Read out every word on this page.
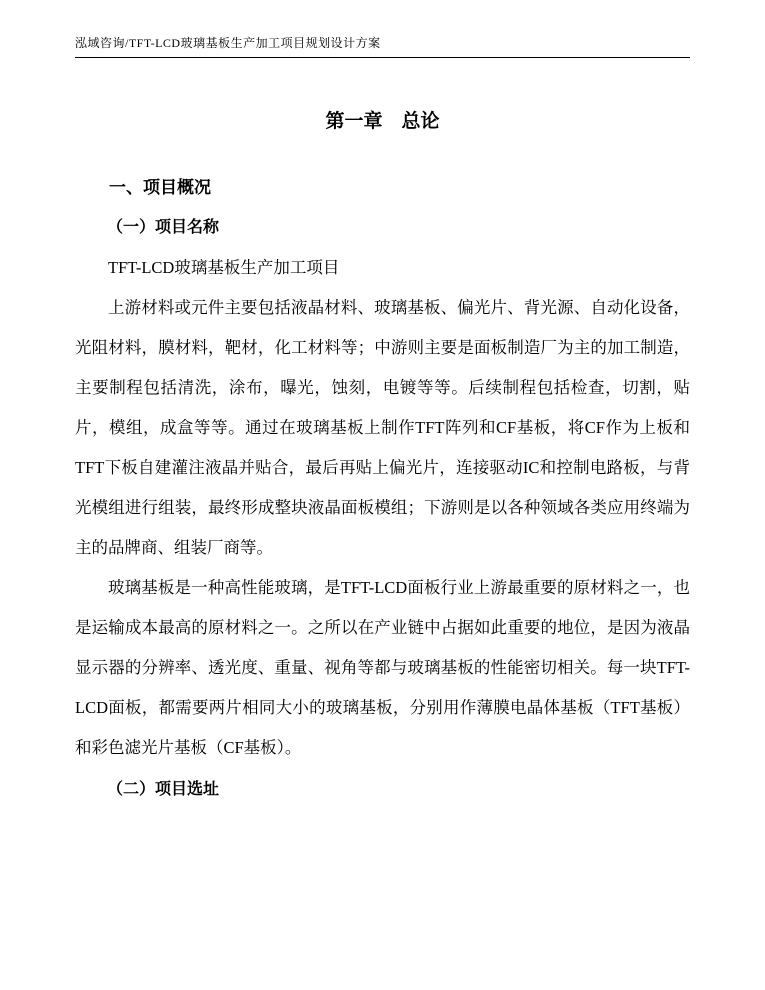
泓域咨询/TFT-LCD玻璃基板生产加工项目规划设计方案
第一章　总论
一、项目概况
（一）项目名称

TFT-LCD玻璃基板生产加工项目

上游材料或元件主要包括液晶材料、玻璃基板、偏光片、背光源、自动化设备，光阻材料，膜材料，靶材，化工材料等；中游则主要是面板制造厂为主的加工制造，主要制程包括清洗，涂布，曝光，蚀刻，电镀等等。后续制程包括检查，切割，贴片，模组，成盒等等。通过在玻璃基板上制作TFT阵列和CF基板，将CF作为上板和TFT下板自建灌注液晶并贴合，最后再贴上偏光片，连接驱动IC和控制电路板，与背光模组进行组装，最终形成整块液晶面板模组；下游则是以各种领域各类应用终端为主的品牌商、组装厂商等。

玻璃基板是一种高性能玻璃，是TFT-LCD面板行业上游最重要的原材料之一，也是运输成本最高的原材料之一。之所以在产业链中占据如此重要的地位，是因为液晶显示器的分辨率、透光度、重量、视角等都与玻璃基板的性能密切相关。每一块TFT-LCD面板，都需要两片相同大小的玻璃基板，分别用作薄膜电晶体基板（TFT基板）和彩色滤光片基板（CF基板）。

（二）项目选址
